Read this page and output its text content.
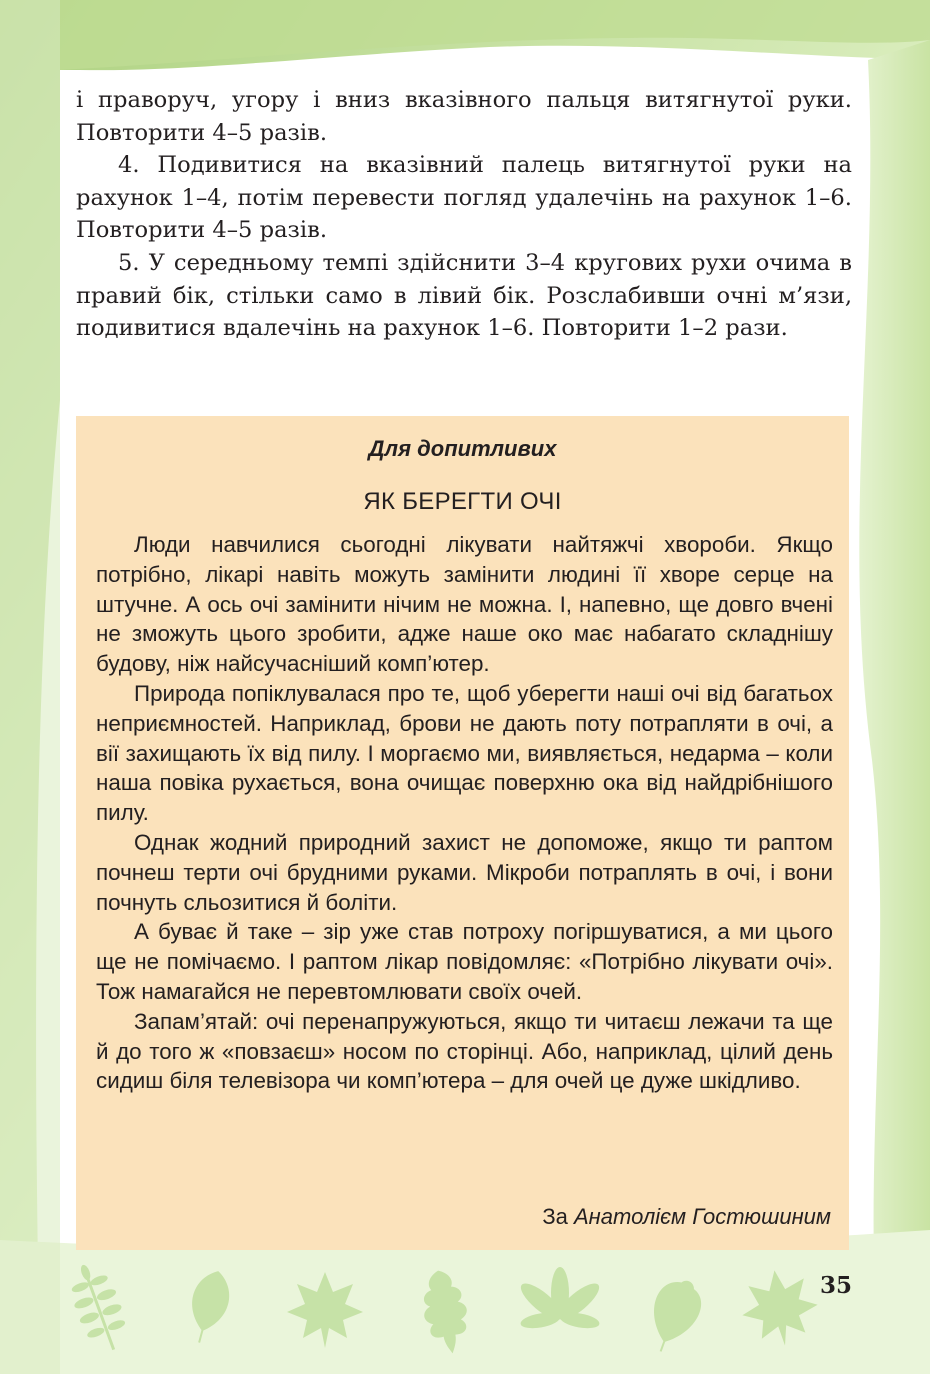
і праворуч, угору і вниз вказівного пальця витягнутої руки. Повторити 4–5 разів.

4. Подивитися на вказівний палець витягнутої руки на рахунок 1–4, потім перевести погляд удалечінь на рахунок 1–6. Повторити 4–5 разів.

5. У середньому темпі здійснити 3–4 кругових рухи очима в правий бік, стільки само в лівий бік. Розслабивши очні м’язи, подивитися вдалечінь на рахунок 1–6. Повторити 1–2 рази.

Для допитливих
ЯК БЕРЕГТИ ОЧІ

Люди навчилися сьогодні лікувати найтяжчі хвороби. Якщо потрібно, лікарі навіть можуть замінити людині її хворе серце на штучне. А ось очі замінити нічим не можна. І, напевно, ще довго вчені не зможуть цього зробити, адже наше око має набагато складнішу будову, ніж найсучасніший комп’ютер.

Природа попіклувалася про те, щоб уберегти наші очі від багатьох неприємностей. Наприклад, брови не дають поту потрапляти в очі, а вії захищають їх від пилу. І моргаємо ми, виявляється, недарма – коли наша повіка рухається, вона очищає поверхню ока від найдрібнішого пилу.

Однак жодний природний захист не допоможе, якщо ти раптом почнеш терти очі брудними руками. Мікроби потраплять в очі, і вони почнуть сльозитися й боліти.

А буває й таке – зір уже став потроху погіршуватися, а ми цього ще не помічаємо. І раптом лікар повідомляє: «Потрібно лікувати очі». Тож намагайся не перевтомлювати своїх очей.

Запам’ятай: очі перенапружуються, якщо ти читаєш лежачи та ще й до того ж «повзаєш» носом по сторінці. Або, наприклад, цілий день сидиш біля телевізора чи комп’ютера – для очей це дуже шкідливо.

За Анатолієм Гостюшиним
35
